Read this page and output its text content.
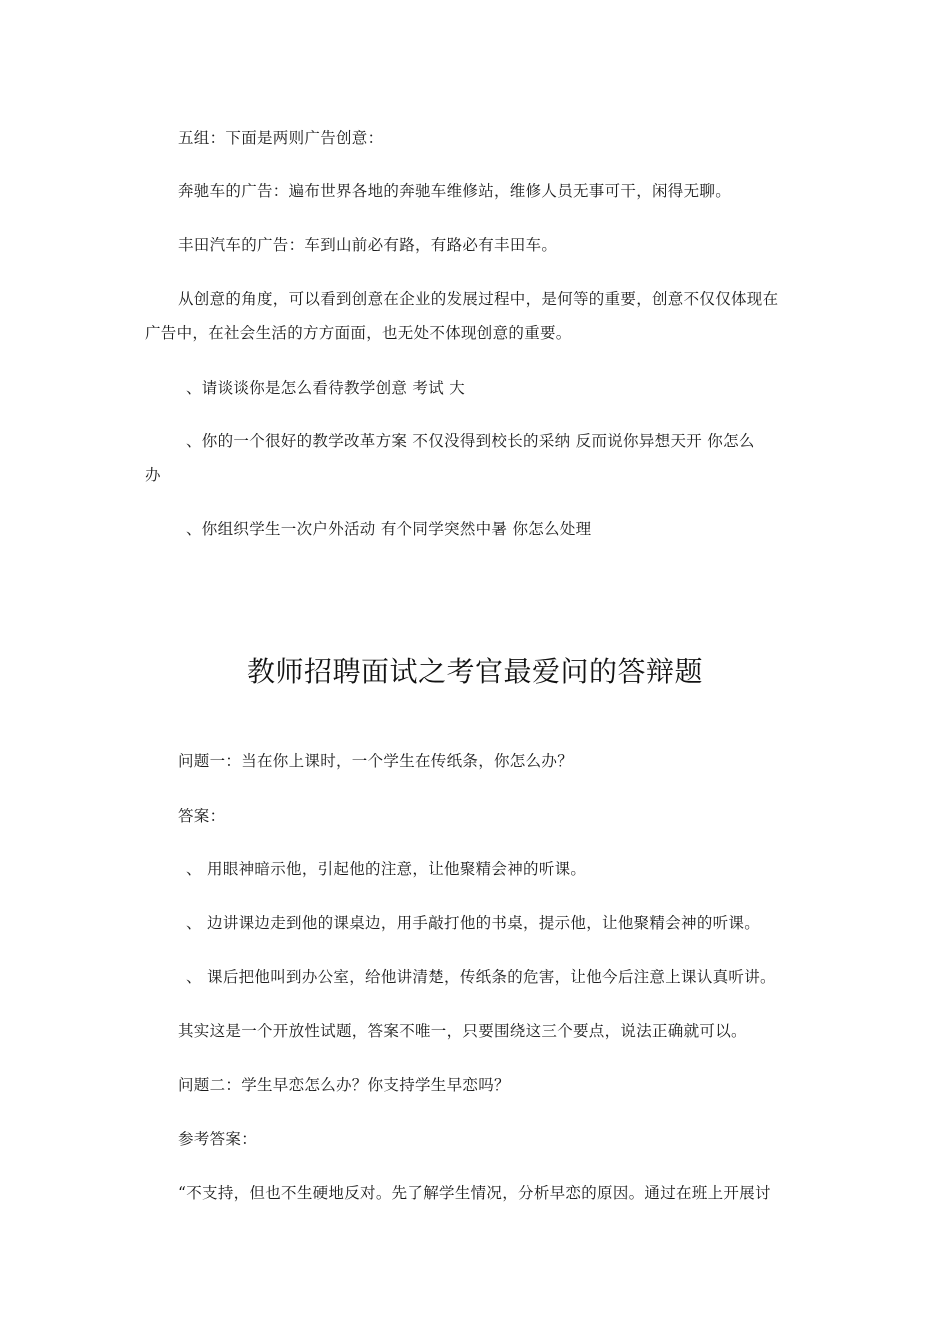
五组：下面是两则广告创意：
奔驰车的广告：遍布世界各地的奔驰车维修站，维修人员无事可干，闲得无聊。
丰田汽车的广告：车到山前必有路，有路必有丰田车。
从创意的角度，可以看到创意在企业的发展过程中，是何等的重要，创意不仅仅体现在
广告中，在社会生活的方方面面，也无处不体现创意的重要。
、请谈谈你是怎么看待教学创意 考试 大
、你的一个很好的教学改革方案 不仅没得到校长的采纳 反而说你异想天开 你怎么
办
、你组织学生一次户外活动 有个同学突然中暑 你怎么处理
教师招聘面试之考官最爱问的答辩题
问题一：当在你上课时，一个学生在传纸条，你怎么办？
答案：
、 用眼神暗示他，引起他的注意，让他聚精会神的听课。
、 边讲课边走到他的课桌边，用手敲打他的书桌，提示他，让他聚精会神的听课。
、 课后把他叫到办公室，给他讲清楚，传纸条的危害，让他今后注意上课认真听讲。
其实这是一个开放性试题，答案不唯一，只要围绕这三个要点，说法正确就可以。
问题二：学生早恋怎么办？你支持学生早恋吗？
参考答案：
“不支持，但也不生硬地反对。先了解学生情况，分析早恋的原因。通过在班上开展讨
